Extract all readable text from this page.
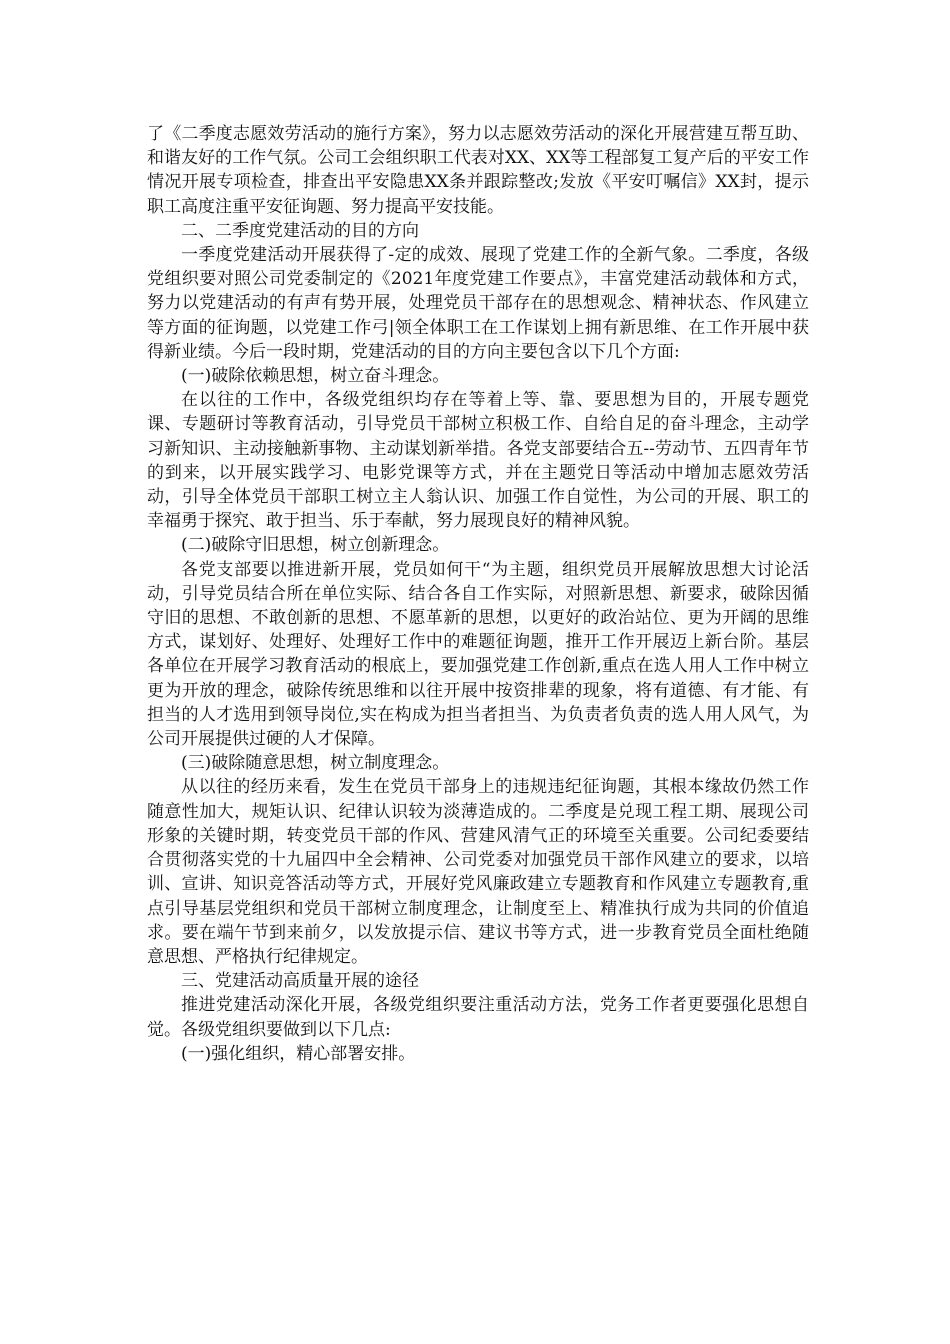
了《二季度志愿效劳活动的施行方案》，努力以志愿效劳活动的深化开展营建互帮互助、和谐友好的工作气氛。公司工会组织职工代表对XX、XX等工程部复工复产后的平安工作情况开展专项检查，排查出平安隐患XX条并跟踪整改;发放《平安叮嘱信》XX封，提示职工高度注重平安征询题、努力提高平安技能。

二、二季度党建活动的目的方向

一季度党建活动开展获得了-定的成效、展现了党建工作的全新气象。二季度，各级党组织要对照公司党委制定的《2021年度党建工作要点》，丰富党建活动载体和方式，努力以党建活动的有声有势开展，处理党员干部存在的思想观念、精神状态、作风建立等方面的征询题，以党建工作弓|领全体职工在工作谋划上拥有新思维、在工作开展中获得新业绩。今后一段时期，党建活动的目的方向主要包含以下几个方面:

(一)破除依赖思想，树立奋斗理念。

在以往的工作中，各级党组织均存在等着上等、靠、要思想为目的，开展专题党课、专题研讨等教育活动，引导党员干部树立积极工作、自给自足的奋斗理念，主动学习新知识、主动接触新事物、主动谋划新举措。各党支部要结合五--劳动节、五四青年节的到来，以开展实践学习、电影党课等方式，并在主题党日等活动中增加志愿效劳活动，引导全体党员干部职工树立主人翁认识、加强工作自觉性，为公司的开展、职工的幸福勇于探究、敢于担当、乐于奉献，努力展现良好的精神风貌。

(二)破除守旧思想，树立创新理念。

各党支部要以推进新开展，党员如何干“为主题，组织党员开展解放思想大讨论活动，引导党员结合所在单位实际、结合各自工作实际，对照新思想、新要求，破除因循守旧的思想、不敢创新的思想、不愿革新的思想，以更好的政治站位、更为开阔的思维方式，谋划好、处理好、处理好工作中的难题征询题，推开工作开展迈上新台阶。基层各单位在开展学习教育活动的根底上，要加强党建工作创新,重点在选人用人工作中树立更为开放的理念，破除传统思维和以往开展中按资排辈的现象，将有道德、有才能、有担当的人才选用到领导岗位,实在构成为担当者担当、为负责者负责的选人用人风气，为公司开展提供过硬的人才保障。

(三)破除随意思想，树立制度理念。

从以往的经历来看，发生在党员干部身上的违规违纪征询题，其根本缘故仍然工作随意性加大，规矩认识、纪律认识较为淡薄造成的。二季度是兑现工程工期、展现公司形象的关键时期，转变党员干部的作风、营建风清气正的环境至关重要。公司纪委要结合贯彻落实党的十九届四中全会精神、公司党委对加强党员干部作风建立的要求，以培训、宣讲、知识竞答活动等方式，开展好党风廉政建立专题教育和作风建立专题教育,重点引导基层党组织和党员干部树立制度理念，让制度至上、精准执行成为共同的价值追求。要在端午节到来前夕，以发放提示信、建议书等方式，进一步教育党员全面杜绝随意思想、严格执行纪律规定。

三、党建活动高质量开展的途径

推进党建活动深化开展，各级党组织要注重活动方法，党务工作者更要强化思想自觉。各级党组织要做到以下几点:

(一)强化组织，精心部署安排。
